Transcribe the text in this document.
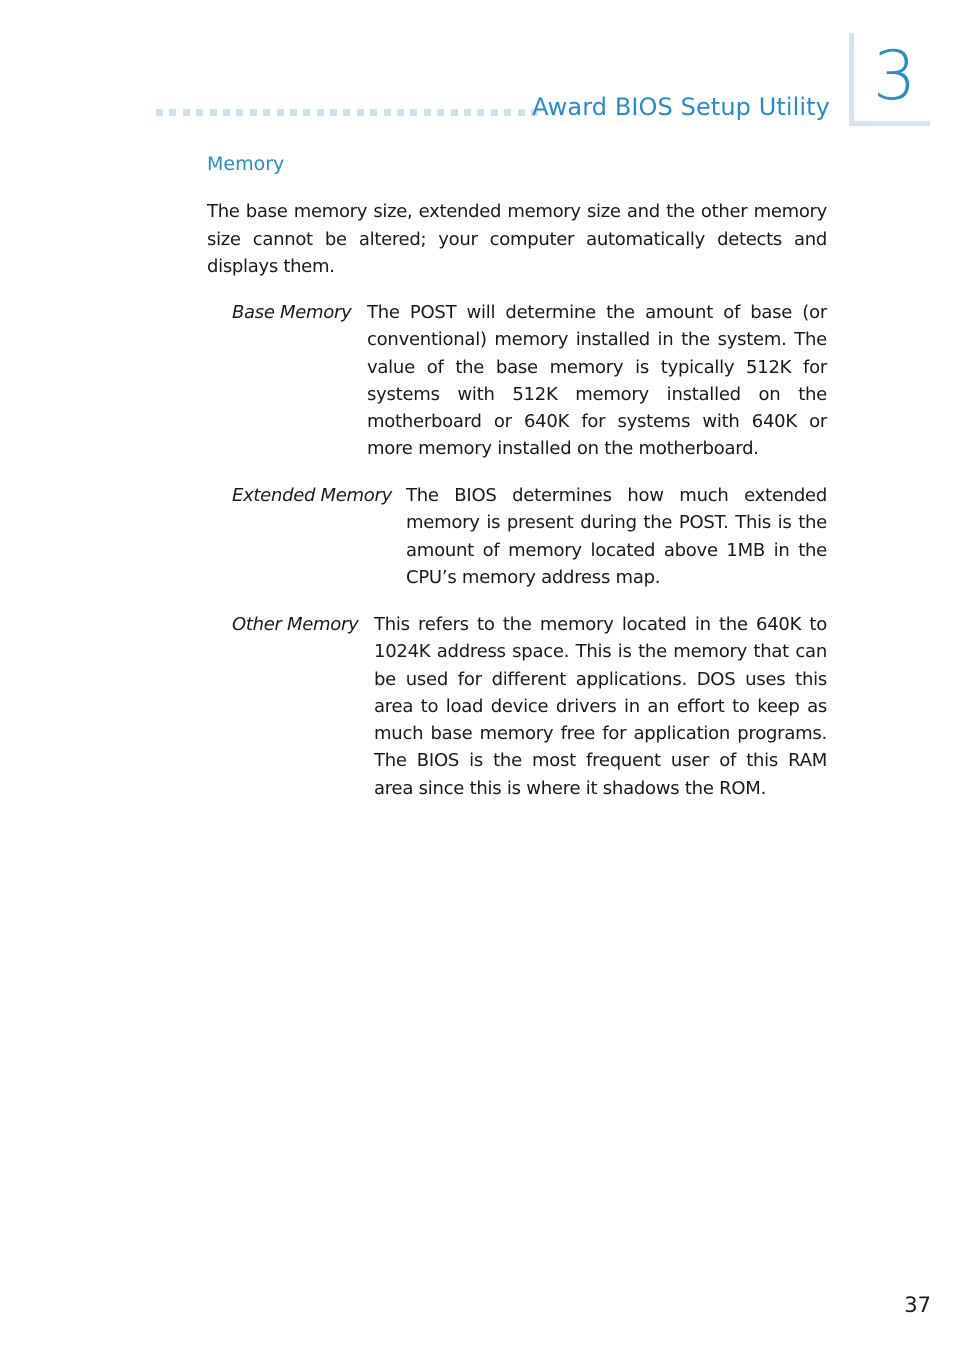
Award BIOS Setup Utility 3
Memory

The base memory size, extended memory size and the other memory size cannot be altered; your computer automatically detects and displays them.

Base Memory The POST will determine the amount of base (or conventional) memory installed in the system. The value of the base memory is typically 512K for systems with 512K memory installed on the motherboard or 640K for systems with 640K or more memory installed on the motherboard.

Extended Memory The BIOS determines how much extended memory is present during the POST. This is the amount of memory located above 1MB in the CPU’s memory address map.

Other Memory This refers to the memory located in the 640K to 1024K address space. This is the memory that can be used for different applications. DOS uses this area to load device drivers in an effort to keep as much base memory free for application programs. The BIOS is the most frequent user of this RAM area since this is where it shadows the ROM.

37
